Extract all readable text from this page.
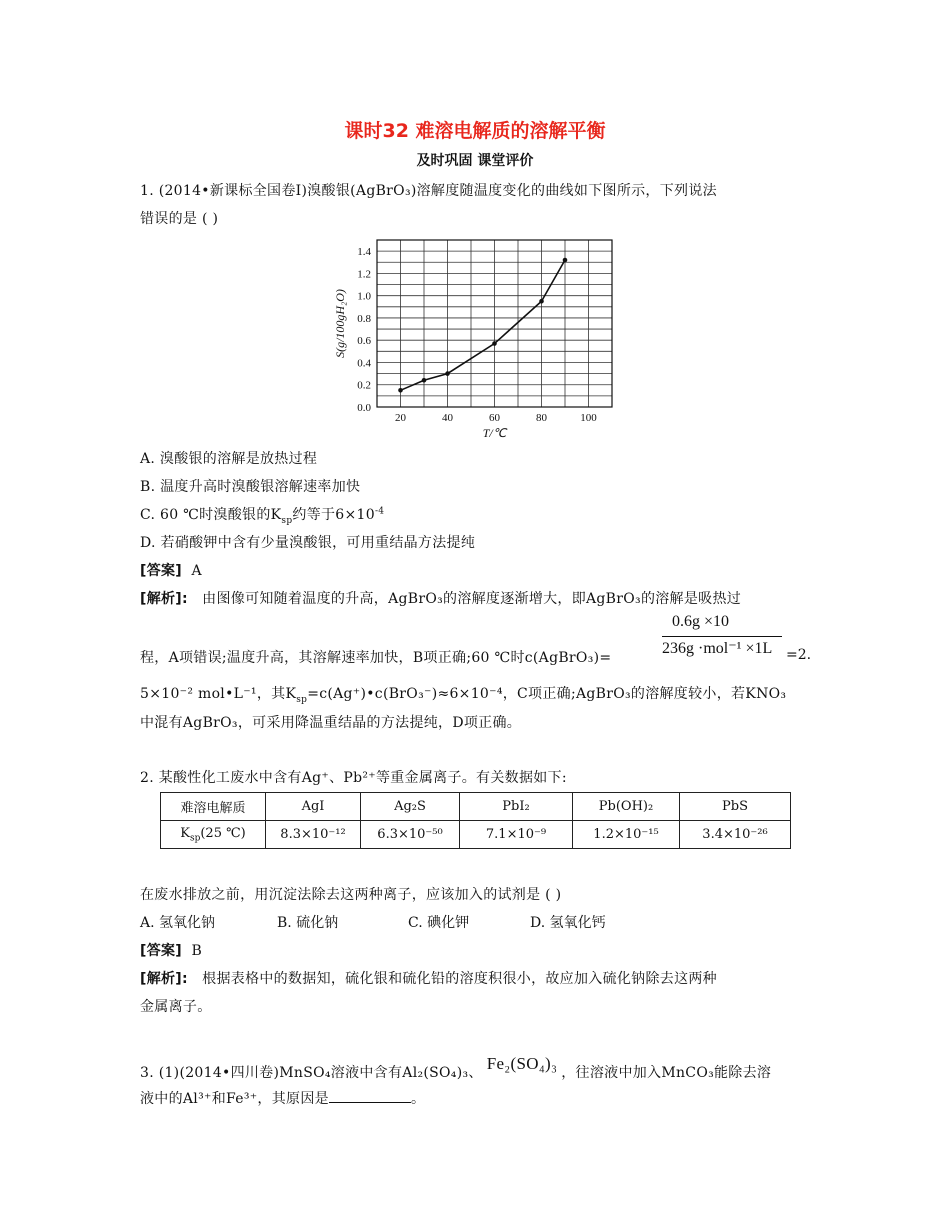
课时32 难溶电解质的溶解平衡
及时巩固 课堂评价
1. (2014•新课标全国卷Ⅰ)溴酸银(AgBrO₃)溶解度随温度变化的曲线如下图所示，下列说法
错误的是 ( )
20	40	60	80	100
0.0
0.2
0.4
0.6
0.8
1.0
1.2
1.4
T/℃
S(g/100gH₂O)
A. 溴酸银的溶解是放热过程
B. 温度升高时溴酸银溶解速率加快
C. 60 ℃时溴酸银的$K_{sp}$约等于$6\times 10^{-4}$
D. 若硝酸钾中含有少量溴酸银，可用重结晶方法提纯
[答案] A
[解析]: 由图像可知随着温度的升高，AgBrO₃的溶解度逐渐增大，即AgBrO₃的溶解是吸热过
0.6g ×10
236g ·mol⁻¹ ×1L
程，A项错误;温度升高，其溶解速率加快，B项正确;60 ℃时c(AgBrO₃)=	=2.
5×10⁻² mol•L⁻¹，其$K_{sp}=c(Ag^+)•c(BrO_3^-)\approx 6\times 10^{-4}$，C项正确;AgBrO₃的溶解度较小，若KNO₃
中混有AgBrO₃，可采用降温重结晶的方法提纯，D项正确。
2. 某酸性化工废水中含有Ag⁺、Pb²⁺等重金属离子。有关数据如下:
难溶电解质	AgI	Ag₂S	PbI₂	Pb(OH)₂	PbS
$K_{sp}(25$ ℃)	8.3×10⁻¹²	6.3×10⁻⁵⁰	7.1×10⁻⁹	1.2×10⁻¹⁵	3.4×10⁻²⁶
在废水排放之前，用沉淀法除去这两种离子，应该加入的试剂是 ( )
A. 氢氧化钠	B. 硫化钠	C. 碘化钾	D. 氢氧化钙
[答案] B
[解析]: 根据表格中的数据知，硫化银和硫化铅的溶度积很小，故应加入硫化钠除去这两种
金属离子。
3. (1)(2014•四川卷)MnSO₄溶液中含有Al₂(SO₄)₃、 Fe₂(SO₄)₃ ，往溶液中加入MnCO₃能除去溶
液中的Al³⁺和Fe³⁺，其原因是	。
